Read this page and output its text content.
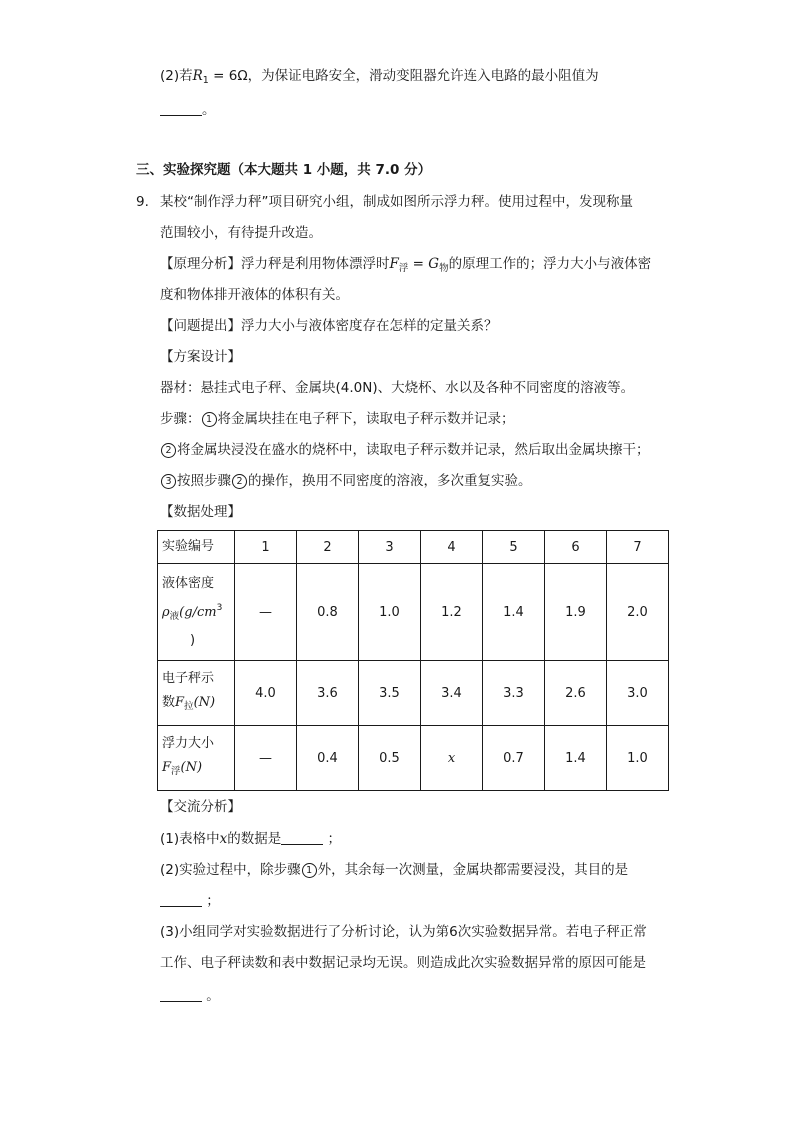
(2)若$R_1 = 6\Omega$，为保证电路安全，滑动变阻器允许连入电路的最小阻值为
。
三、实验探究题（本大题共 1 小题，共 7.0 分）
9. 某校“制作浮力秤”项目研究小组，制成如图所示浮力秤。使用过程中，发现称量
范围较小，有待提升改造。
【原理分析】浮力秤是利用物体漂浮时$F_浮 = G_物$的原理工作的；浮力大小与液体密
度和物体排开液体的体积有关。
【问题提出】浮力大小与液体密度存在怎样的定量关系？
【方案设计】
器材：悬挂式电子秤、金属块(4.0N)、大烧杯、水以及各种不同密度的溶液等。
步骤： 1 将金属块挂在电子秤下，读取电子秤示数并记录；
2 将金属块浸没在盛水的烧杯中，读取电子秤示数并记录，然后取出金属块擦干；
3 按照步骤 2 的操作，换用不同密度的溶液，多次重复实验。
【数据处理】
实验编号	1	2	3	4	5	6	7

液体密度
$\rho_液(g/cm^3$
)	—	0.8	1.0	1.2	1.4	1.9	2.0

电子秤示
数$F_拉(N)$	4.0	3.6	3.5	3.4	3.3	2.6	3.0

浮力大小
$F_浮(N)$	—	0.4	0.5	x	0.7	1.4	1.0
【交流分析】
(1)表格中x的数据是	；
(2)实验过程中，除步骤 1 外，其余每一次测量，金属块都需要浸没，其目的是
；
(3)小组同学对实验数据进行了分析讨论，认为第6次实验数据异常。若电子秤正常
工作、电子秤读数和表中数据记录均无误。则造成此次实验数据异常的原因可能是
。
